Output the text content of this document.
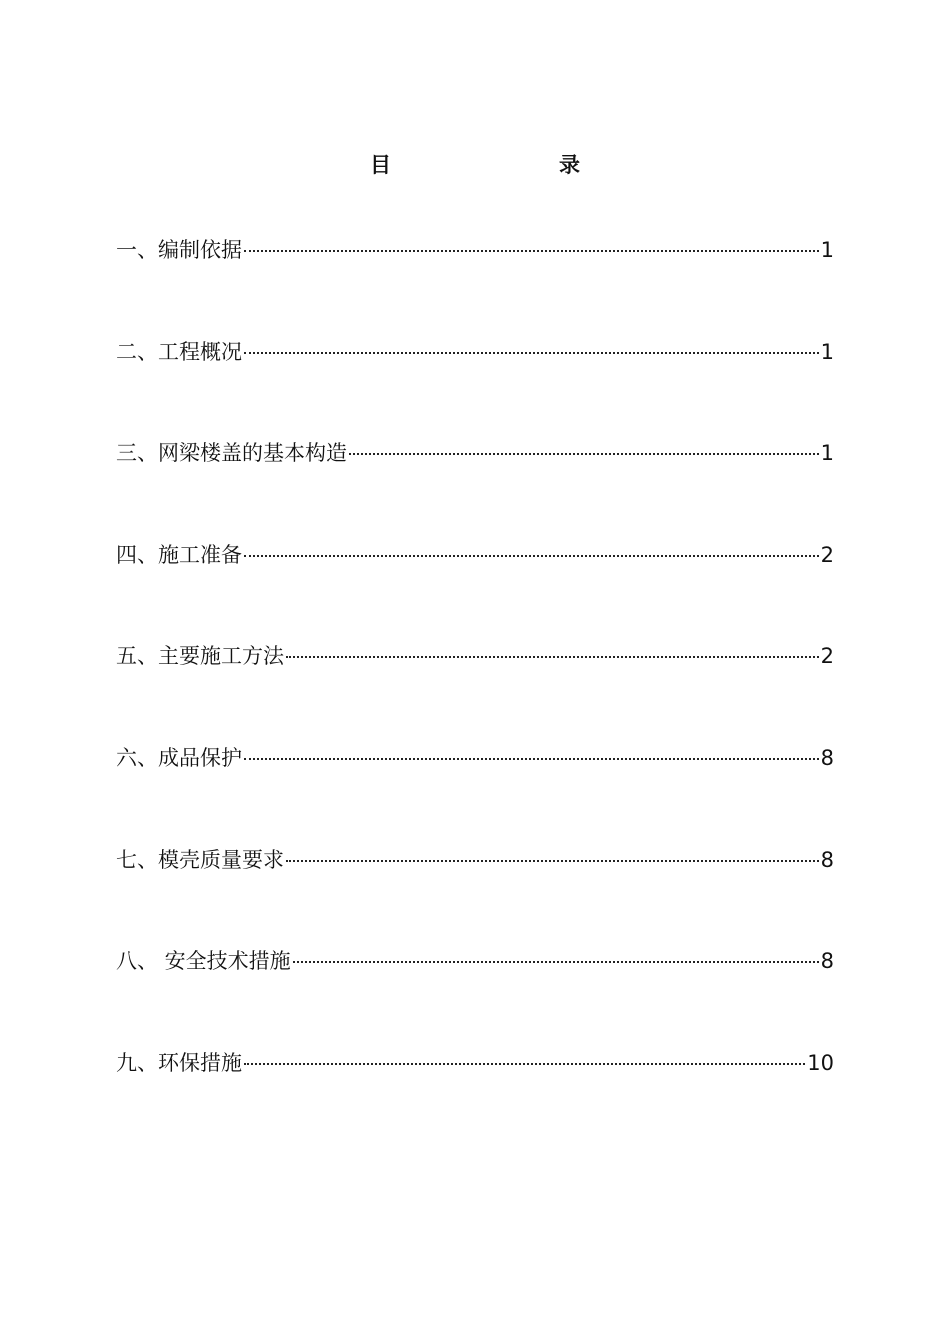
目　　录
一、编制依据	1
二、工程概况	1
三、网梁楼盖的基本构造	1
四、施工准备	2
五、主要施工方法	2
六、成品保护	8
七、模壳质量要求	8
八、 安全技术措施	8
九、环保措施	10
